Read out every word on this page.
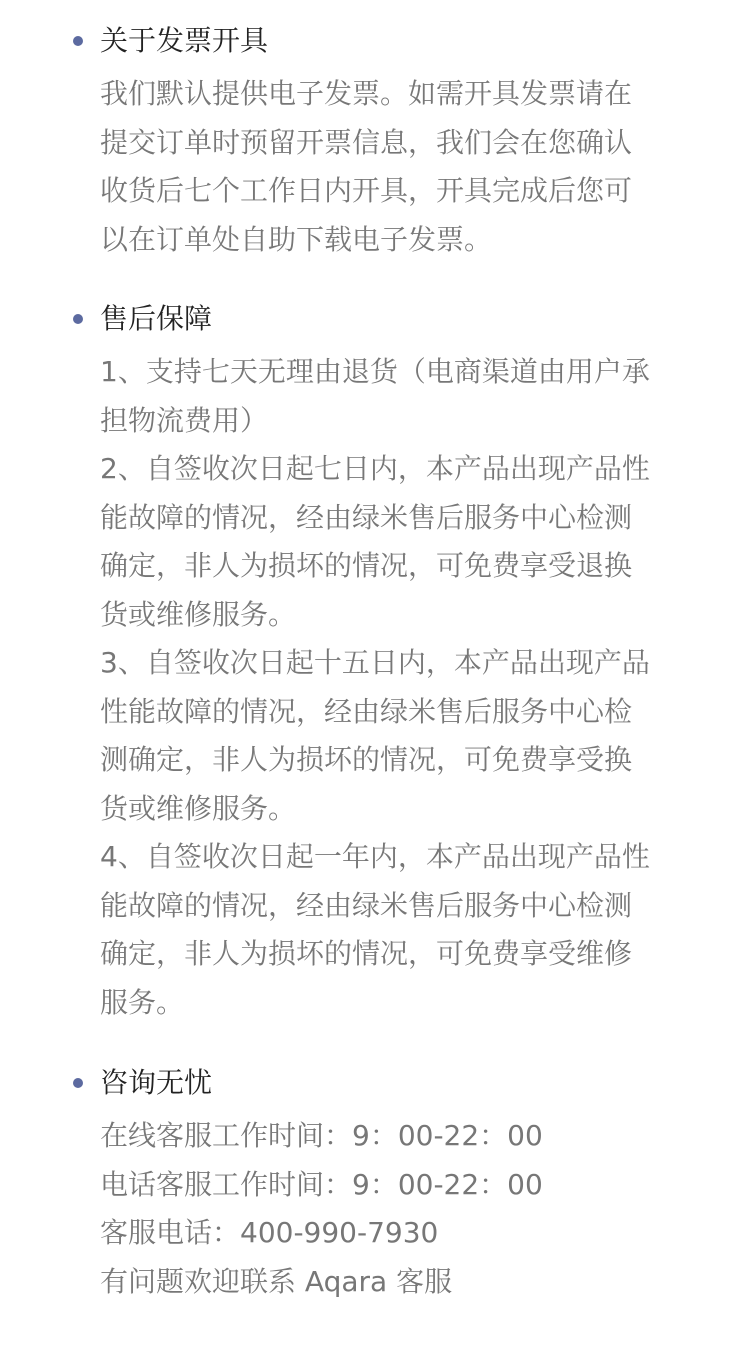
关于发票开具

我们默认提供电子发票。如需开具发票请在
提交订单时预留开票信息，我们会在您确认
收货后七个工作日内开具，开具完成后您可
以在订单处自助下载电子发票。

售后保障

1、支持七天无理由退货（电商渠道由用户承
担物流费用）
2、自签收次日起七日内，本产品出现产品性
能故障的情况，经由绿米售后服务中心检测
确定，非人为损坏的情况，可免费享受退换
货或维修服务。
3、自签收次日起十五日内，本产品出现产品
性能故障的情况，经由绿米售后服务中心检
测确定，非人为损坏的情况，可免费享受换
货或维修服务。
4、自签收次日起一年内，本产品出现产品性
能故障的情况，经由绿米售后服务中心检测
确定，非人为损坏的情况，可免费享受维修
服务。

咨询无忧

在线客服工作时间：9：00-22：00
电话客服工作时间：9：00-22：00
客服电话：400-990-7930
有问题欢迎联系 Aqara 客服
